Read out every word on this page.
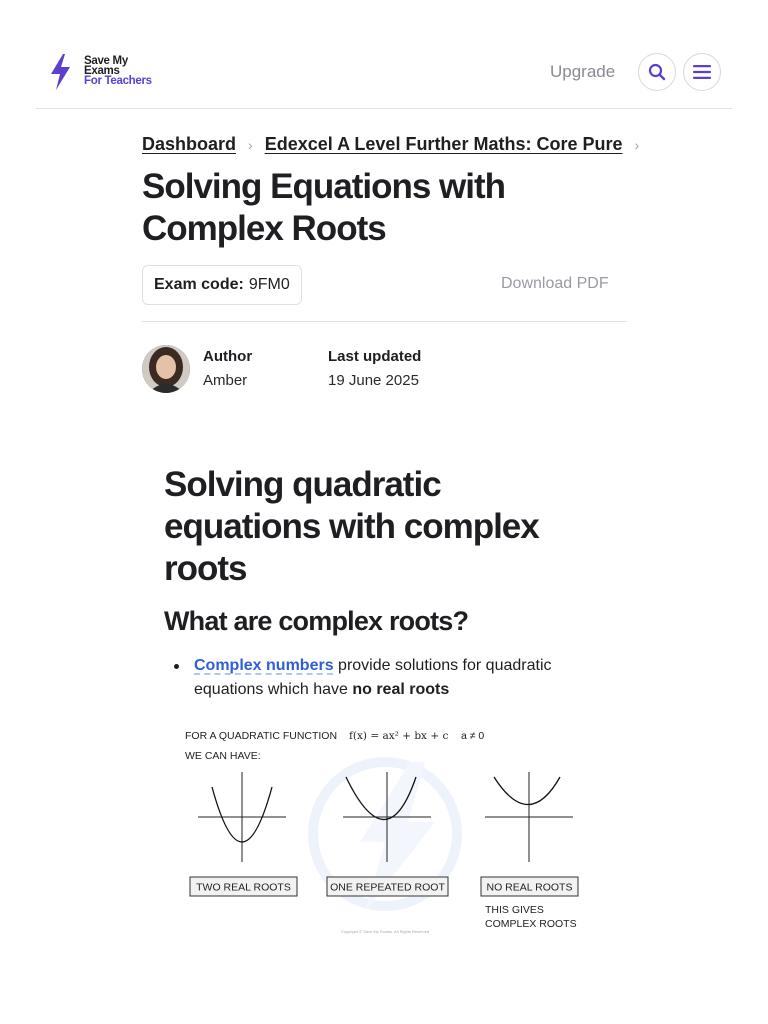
Save My
Exams
For Teachers	Upgrade
Dashboard › Edexcel A Level Further Maths: Core Pure ›
Solving Equations with Complex Roots
Exam code: 9FM0	Download PDF
Author
Amber
Last updated
19 June 2025
Solving quadratic equations with complex roots
What are complex roots?
Complex numbers provide solutions for quadratic equations which have no real roots
FOR A QUADRATIC FUNCTION f(x) = ax² + bx + c a ≠ 0
WE CAN HAVE:
TWO REAL ROOTS	ONE REPEATED ROOT	NO REAL ROOTS
THIS GIVES
COMPLEX ROOTS
Copyright © Save My Exams. All Rights Reserved
